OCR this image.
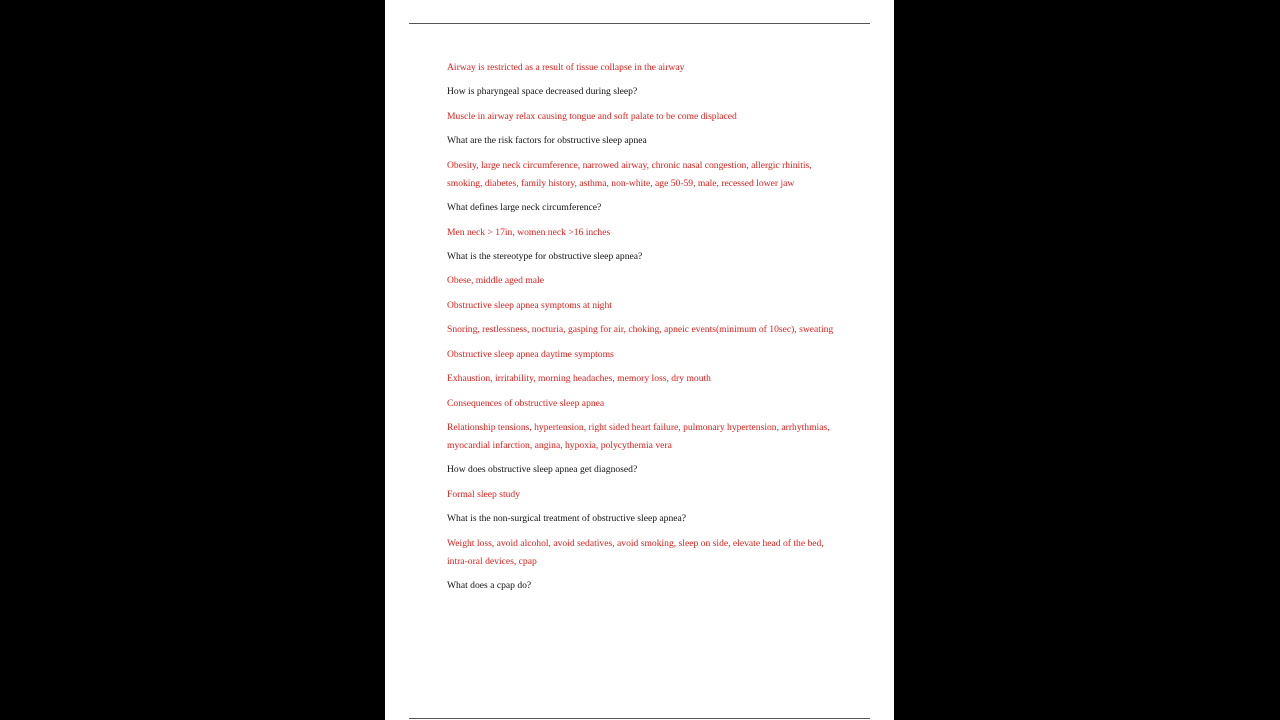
Airway is restricted as a result of tissue collapse in the airway

How is pharyngeal space decreased during sleep?

Muscle in airway relax causing tongue and soft palate to be come displaced

What are the risk factors for obstructive sleep apnea

Obesity, large neck circumference, narrowed airway, chronic nasal congestion, allergic rhinitis, smoking, diabetes, family history, asthma, non-white, age 50-59, male, recessed lower jaw

What defines large neck circumference?

Men neck > 17in, women neck >16 inches

What is the stereotype for obstructive sleep apnea?

Obese, middle aged male

Obstructive sleep apnea symptoms at night

Snoring, restlessness, nocturia, gasping for air, choking, apneic events(minimum of 10sec), sweating

Obstructive sleep apnea daytime symptoms

Exhaustion, irritability, morning headaches, memory loss, dry mouth

Consequences of obstructive sleep apnea

Relationship tensions, hypertension, right sided heart failure, pulmonary hypertension, arrhythmias, myocardial infarction, angina, hypoxia, polycythemia vera

How does obstructive sleep apnea get diagnosed?

Formal sleep study

What is the non-surgical treatment of obstructive sleep apnea?

Weight loss, avoid alcohol, avoid sedatives, avoid smoking, sleep on side, elevate head of the bed, intra-oral devices, cpap

What does a cpap do?
